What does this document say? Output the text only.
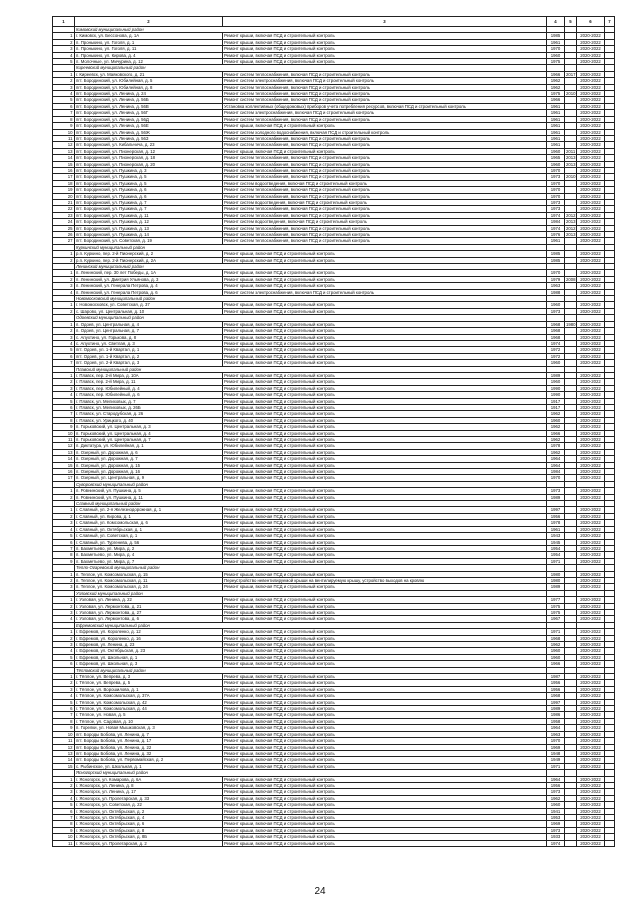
1	2	3	4	5	6	7
	Кимовский муниципальный район					
1	г. Кимовск, ул. Бессонова, д. 1А	Ремонт крыши, включая ПСД и строительный контроль	1985		2020-2022	
2	п. Пронькино, ул. Гоголя, д. 1	Ремонт крыши, включая ПСД и строительный контроль	1961		2020-2022	
3	п. Пронькино, ул. Гоголя, д. 11	Ремонт крыши, включая ПСД и строительный контроль	1970		2020-2022	
4	п. Пронькино, ул. Кирова, д. 4	Ремонт крыши, включая ПСД и строительный контроль	1960		2020-2022	
5	п. Молочные, ул. Мичурина, д. 12	Ремонт крыши, включая ПСД и строительный контроль	1975		2020-2022	
	Киреевский муниципальный район					
1	г. Киреевск, ул. Маяковского, д. 21	Ремонт систем теплоснабжения, включая ПСД и строительный контроль	1966	2017	2020-2022	
2	пгт. Бородинский, ул. Юбилейная, д. 5	Ремонт систем электроснабжения, включая ПСД и строительный контроль	1962		2020-2022	
3	пгт. Бородинский, ул. Юбилейная, д. 8	Ремонт систем теплоснабжения, включая ПСД и строительный контроль	1962		2020-2022	
4	пгт. Бородинский, ул. Ленина, д. 24	Ремонт систем теплоснабжения, включая ПСД и строительный контроль	1975	2010	2020-2022	
5	пгт. Бородинский, ул. Ленина, д. 56Б	Ремонт систем теплоснабжения, включая ПСД и строительный контроль	1966		2020-2022	
6	пгт. Бородинский, ул. Ленина, д. 56В	Установка коллективных (общедомовых) приборов учета потребления ресурсов, включая ПСД и строительный контроль	1961		2020-2022	
7	пгт. Бородинский, ул. Ленина, д. 56Г	Ремонт систем электроснабжения, включая ПСД и строительный контроль	1961		2020-2022	
8	пгт. Бородинский, ул. Ленина, д. 56Д	Ремонт систем теплоснабжения, включая ПСД и строительный контроль	1961		2020-2022	
9	пгт. Бородинский, ул. Ленина, д. 56Е	Ремонт крыши, включая ПСД и строительный контроль	1961		2020-2022	
10	пгт. Бородинский, ул. Ленина, д. 56Ж	Ремонт систем холодного водоснабжения, включая ПСД и строительный контроль	1961		2020-2022	
11	пгт. Бородинский, ул. Ленина, д. 56З	Ремонт систем теплоснабжения, включая ПСД и строительный контроль	1961		2020-2022	
12	пгт. Бородинский, ул. Кибальчича, д. 23	Ремонт систем теплоснабжения, включая ПСД и строительный контроль	1961		2020-2022	
13	пгт. Бородинский, ул. Пионерская, д. 12	Ремонт крыши, включая ПСД и строительный контроль	1960	2011	2020-2022	
14	пгт. Бородинский, ул. Пионерская, д. 18	Ремонт систем теплоснабжения, включая ПСД и строительный контроль	1965	2013	2020-2022	
15	пгт. Бородинский, ул. Пионерская, д. 20	Ремонт систем теплоснабжения, включая ПСД и строительный контроль	1960	2013	2020-2022	
16	пгт. Бородинский, ул. Пушкина, д. 3	Ремонт систем теплоснабжения, включая ПСД и строительный контроль	1970		2020-2022	
17	пгт. Бородинский, ул. Пушкина, д. 5	Ремонт систем теплоснабжения, включая ПСД и строительный контроль	1973	2010	2020-2022	
18	пгт. Бородинский, ул. Пушкина, д. 5	Ремонт систем водоотведения, включая ПСД и строительный контроль	1970		2020-2022	
19	пгт. Бородинский, ул. Пушкина, д. 6	Ремонт систем теплоснабжения, включая ПСД и строительный контроль	1970		2020-2022	
20	пгт. Бородинский, ул. Пушкина, д. 6	Ремонт систем теплоснабжения, включая ПСД и строительный контроль	1970		2020-2022	
21	пгт. Бородинский, ул. Пушкина, д. 7	Ремонт систем водоотведения, включая ПСД и строительный контроль	1973		2020-2022	
22	пгт. Бородинский, ул. Пушкина, д. 7	Ремонт систем теплоснабжения, включая ПСД и строительный контроль	1973		2020-2022	
23	пгт. Бородинский, ул. Пушкина, д. 11	Ремонт систем теплоснабжения, включая ПСД и строительный контроль	1974	2012	2020-2022	
24	пгт. Бородинский, ул. Пушкина, д. 12	Ремонт систем водоотведения, включая ПСД и строительный контроль	1984	2013	2020-2022	
25	пгт. Бородинский, ул. Пушкина, д. 13	Ремонт систем теплоснабжения, включая ПСД и строительный контроль	1974	2012	2020-2022	
26	пгт. Бородинский, ул. Пушкина, д. 14	Ремонт систем теплоснабжения, включая ПСД и строительный контроль	1976	2013	2020-2022	
27	пгт. Бородинский, ул. Советская, д. 19	Ремонт систем теплоснабжения, включая ПСД и строительный контроль	1961		2020-2022	
	Куркинский муниципальный район					
1	р.п. Куркино, пер. 2-й Пионерский, д. 2	Ремонт крыши, включая ПСД и строительный контроль	1985		2020-2022	
2	р.п. Куркино, пер. 2-й Пионерский, д. 2А	Ремонт крыши, включая ПСД и строительный контроль	1985		2020-2022	
	Ленинский муниципальный район					
1	п. Ленинский, пер. 30 лет Победы, д. 1А	Ремонт крыши, включая ПСД и строительный контроль	1970		2020-2022	
2	п. Ленинский, ул. Дмитрия Ульянова, д. 3	Ремонт крыши, включая ПСД и строительный контроль	1979	2008	2020-2022	
3	п. Ленинский, ул. Генерала Петрова, д. 4	Ремонт крыши, включая ПСД и строительный контроль	1963		2020-2022	
4	п. Ленинский, ул. Генерала Петрова, д. 6	Ремонт систем электроснабжения, включая ПСД и строительный контроль	1988		2020-2022	
	Новомосковский муниципальный район					
1	г. Новомосковск, ул. Советская, д. 37	Ремонт крыши, включая ПСД и строительный контроль	1960		2020-2022	
2	с. Шарово, ул. Центральная, д. 10	Ремонт крыши, включая ПСД и строительный контроль	1973		2020-2022	
	Одоевский муниципальный район					
1	п. Одоев, ул. Центральная, д. 4	Ремонт крыши, включая ПСД и строительный контроль	1968	1980	2020-2022	
2	п. Одоев, ул. Центральная, д. 7	Ремонт крыши, включая ПСД и строительный контроль	1968		2020-2022	
3	с. Апухтино, ул. Горькова, д. 8	Ремонт крыши, включая ПСД и строительный контроль	1968		2020-2022	
4	с. Апухтино, ул. Светлая, д. 3	Ремонт крыши, включая ПСД и строительный контроль	1974		2020-2022	
5	пгт. Одоев, ул. 1-й Квартал, д. 1	Ремонт крыши, включая ПСД и строительный контроль	1972		2020-2022	
6	пгт. Одоев, ул. 1-й Квартал, д. 2	Ремонт крыши, включая ПСД и строительный контроль	1972		2020-2022	
7	пгт. Одоев, ул. 2-й Квартал, д. 3	Ремонт крыши, включая ПСД и строительный контроль	1960		2020-2022	
	Плавский муниципальный район					
1	г. Плавск, пер. 2-й Мира, д. 10А	Ремонт крыши, включая ПСД и строительный контроль	1989		2020-2022	
2	г. Плавск, пер. 2-й Мира, д. 11	Ремонт крыши, включая ПСД и строительный контроль	1960		2020-2022	
3	г. Плавск, пер. Юбилейный, д. 4	Ремонт крыши, включая ПСД и строительный контроль	1990		2020-2022	
4	г. Плавск, пер. Юбилейный, д. 6	Ремонт крыши, включая ПСД и строительный контроль	1990		2020-2022	
5	г. Плавск, ул. Мелиховых, д. 7	Ремонт крыши, включая ПСД и строительный контроль	1917		2020-2022	
6	г. Плавск, ул. Мелиховых, д. 26Б	Ремонт крыши, включая ПСД и строительный контроль	1917		2020-2022	
7	г. Плавск, ул. Стародубская, д. 26	Ремонт крыши, включая ПСД и строительный контроль	1962		2020-2022	
8	г. Плавск, ул. Урицкого, д. 40	Ремонт крыши, включая ПСД и строительный контроль	1960		2020-2022	
9	п. Горьковский, ул. Центральная, д. 3	Ремонт крыши, включая ПСД и строительный контроль	1962		2020-2022	
10	п. Горьковский, ул. Центральная, д. 4	Ремонт крыши, включая ПСД и строительный контроль	1966		2020-2022	
11	п. Горьковский, ул. Центральная, д. 7	Ремонт крыши, включая ПСД и строительный контроль	1962		2020-2022	
12	п. Диктатура, ул. Юбилейная, д. 1	Ремонт крыши, включая ПСД и строительный контроль	1978		2020-2022	
13	п. Озерный, ул. Дорожная, д. 6	Ремонт крыши, включая ПСД и строительный контроль	1962		2020-2022	
14	п. Озерный, ул. Дорожная, д. 7	Ремонт крыши, включая ПСД и строительный контроль	1964		2020-2022	
15	п. Озерный, ул. Дорожная, д. 15	Ремонт крыши, включая ПСД и строительный контроль	1964		2020-2022	
16	п. Озерный, ул. Дорожная, д. 16	Ремонт крыши, включая ПСД и строительный контроль	1984		2020-2022	
17	п. Озерный, ул. Центральная, д. 9	Ремонт крыши, включая ПСД и строительный контроль	1970		2020-2022	
	Суворовский муниципальный район					
1	п. Ровнинский, ул. Пушкина, д. 5	Ремонт крыши, включая ПСД и строительный контроль	1973		2020-2022	
2	п. Ровнинский, ул. Пушкина, д. 11	Ремонт крыши, включая ПСД и строительный контроль	1989		2020-2022	
	Славный муниципальный район					
1	г. Славный, ул. 2-я Железнодорожная, д. 1	Ремонт крыши, включая ПСД и строительный контроль	1997		2020-2022	
2	г. Славный, ул. Кирова, д. 1	Ремонт крыши, включая ПСД и строительный контроль	1956		2020-2022	
3	г. Славный, ул. Комсомольская, д. 6	Ремонт крыши, включая ПСД и строительный контроль	1978		2020-2022	
4	г. Славный, ул. Октябрьская, д. 1	Ремонт крыши, включая ПСД и строительный контроль	1961		2020-2022	
5	г. Славный, ул. Советская, д. 1	Ремонт крыши, включая ПСД и строительный контроль	1943		2020-2022	
6	г. Славный, ул. Тургенева, д. 56	Ремонт крыши, включая ПСД и строительный контроль	1945		2020-2022	
7	п. Бахметьево, ул. Мира, д. 2	Ремонт крыши, включая ПСД и строительный контроль	1954		2020-2022	
8	п. Бахметьево, ул. Мира, д. 4	Ремонт крыши, включая ПСД и строительный контроль	1954		2020-2022	
9	п. Бахметьево, ул. Мира, д. 7	Ремонт крыши, включая ПСД и строительный контроль	1971		2020-2022	
	Тепло-Огаревский муниципальный район					
1	п. Теплое, ул. Комсомольская, д. 15	Ремонт крыши, включая ПСД и строительный контроль	1980		2020-2022	
2	п. Теплое, ул. Комсомольская, д. 11	Переустройство невентилируемой крыши на вентилируемую крышу, устройство выходов на кровлю	1980		2020-2022	
3	п. Теплое, ул. Комсомольская, д. 24	Ремонт крыши, включая ПСД и строительный контроль	1989		2020-2022	
	Узловский муниципальный район					
1	г. Узловая, ул. Ленина, д. 22	Ремонт крыши, включая ПСД и строительный контроль	1977		2020-2022	
2	г. Узловая, ул. Лермонтова, д. 21	Ремонт крыши, включая ПСД и строительный контроль	1975		2020-2022	
3	г. Узловая, ул. Лермонтова, д. 27	Ремонт крыши, включая ПСД и строительный контроль	1975		2020-2022	
4	г. Узловая, ул. Лермонтова, д. 6	Ремонт крыши, включая ПСД и строительный контроль	1967		2020-2022	
	Ефремовский муниципальный район					
1	г. Ефремов, ул. Короленко, д. 12	Ремонт крыши, включая ПСД и строительный контроль	1971		2020-2022	
2	г. Ефремов, ул. Короленко, д. 16	Ремонт крыши, включая ПСД и строительный контроль	1968		2020-2022	
3	г. Ефремов, ул. Ленина, д. 23	Ремонт крыши, включая ПСД и строительный контроль	1962		2020-2022	
4	г. Ефремов, ул. Октябрьская, д. 23	Ремонт крыши, включая ПСД и строительный контроль	1960		2020-2022	
5	г. Ефремов, ул. Школьная, д. 1	Ремонт крыши, включая ПСД и строительный контроль	1960		2020-2022	
6	г. Ефремов, ул. Школьная, д. 3	Ремонт крыши, включая ПСД и строительный контроль	1966		2020-2022	
	Тёпловский муниципальный район					
1	г. Тёплое, ул. Вепрева, д. 3	Ремонт крыши, включая ПСД и строительный контроль	1987		2020-2022	
2	г. Тёплое, ул. Вепрева, д. 5	Ремонт крыши, включая ПСД и строительный контроль	1956		2020-2022	
3	г. Тёплое, ул. Ворошилова, д. 1	Ремонт крыши, включая ПСД и строительный контроль	1956		2020-2022	
4	г. Тёплое, ул. Комсомольская, д. 37А	Ремонт крыши, включая ПСД и строительный контроль	1968		2020-2022	
5	г. Тёплое, ул. Комсомольская, д. 42	Ремонт крыши, включая ПСД и строительный контроль	1997		2020-2022	
6	г. Тёплое, ул. Комсомольская, д. 44	Ремонт крыши, включая ПСД и строительный контроль	1989		2020-2022	
7	г. Тёплое, ул. Новая, д. 5	Ремонт крыши, включая ПСД и строительный контроль	1986		2020-2022	
8	г. Тёплое, ул. Садовая, д. 10	Ремонт крыши, включая ПСД и строительный контроль	1958		2020-2022	
9	п. Горелки, ул. Новая Мышковская, д. 3	Ремонт крыши, включая ПСД и строительный контроль	1964		2020-2022	
10	пгт. Бороды Бобова, ул. Ленина, д. 7	Ремонт крыши, включая ПСД и строительный контроль	1963		2020-2022	
11	пгт. Бороды Бобова, ул. Ленина, д. 17	Ремонт крыши, включая ПСД и строительный контроль	1970		2020-2022	
12	пгт. Бороды Бобова, ул. Ленина, д. 22	Ремонт крыши, включая ПСД и строительный контроль	1969		2020-2022	
13	пгт. Бороды Бобова, ул. Ленина, д. 32	Ремонт крыши, включая ПСД и строительный контроль	1948		2020-2022	
14	пгт. Бороды Бобова, ул. Первомайская, д. 2	Ремонт крыши, включая ПСД и строительный контроль	1949		2020-2022	
15	с. Рыбинское, ул. Школьная, д. 1	Ремонт крыши, включая ПСД и строительный контроль	1971		2020-2022	
	Ясногорский муниципальный район					
1	г. Ясногорск, ул. Комарова, д. 6А	Ремонт крыши, включая ПСД и строительный контроль	1964		2020-2022	
2	г. Ясногорск, ул. Ленина, д. 8	Ремонт крыши, включая ПСД и строительный контроль	1956		2020-2022	
3	г. Ясногорск, ул. Ленина, д. 17	Ремонт крыши, включая ПСД и строительный контроль	1973		2020-2022	
4	г. Ясногорск, ул. Пролетарская, д. 33	Ремонт крыши, включая ПСД и строительный контроль	1962		2020-2022	
5	г. Ясногорск, ул. Советская, д. 22	Ремонт крыши, включая ПСД и строительный контроль	1960		2020-2022	
6	г. Ясногорск, ул. Октябрьская, д. 2	Ремонт крыши, включая ПСД и строительный контроль	1941		2020-2022	
7	г. Ясногорск, ул. Октябрьская, д. 4	Ремонт крыши, включая ПСД и строительный контроль	1953		2020-2022	
8	г. Ясногорск, ул. Октябрьская, д. 6	Ремонт крыши, включая ПСД и строительный контроль	1969		2020-2022	
9	г. Ясногорск, ул. Октябрьская, д. 8	Ремонт крыши, включая ПСД и строительный контроль	1973		2020-2022	
10	г. Ясногорск, ул. Октябрьская, д. 8Б	Ремонт крыши, включая ПСД и строительный контроль	1933		2020-2022	
11	г. Ясногорск, ул. Пролетарская, д. 2	Ремонт крыши, включая ПСД и строительный контроль	1974		2020-2022	
24
